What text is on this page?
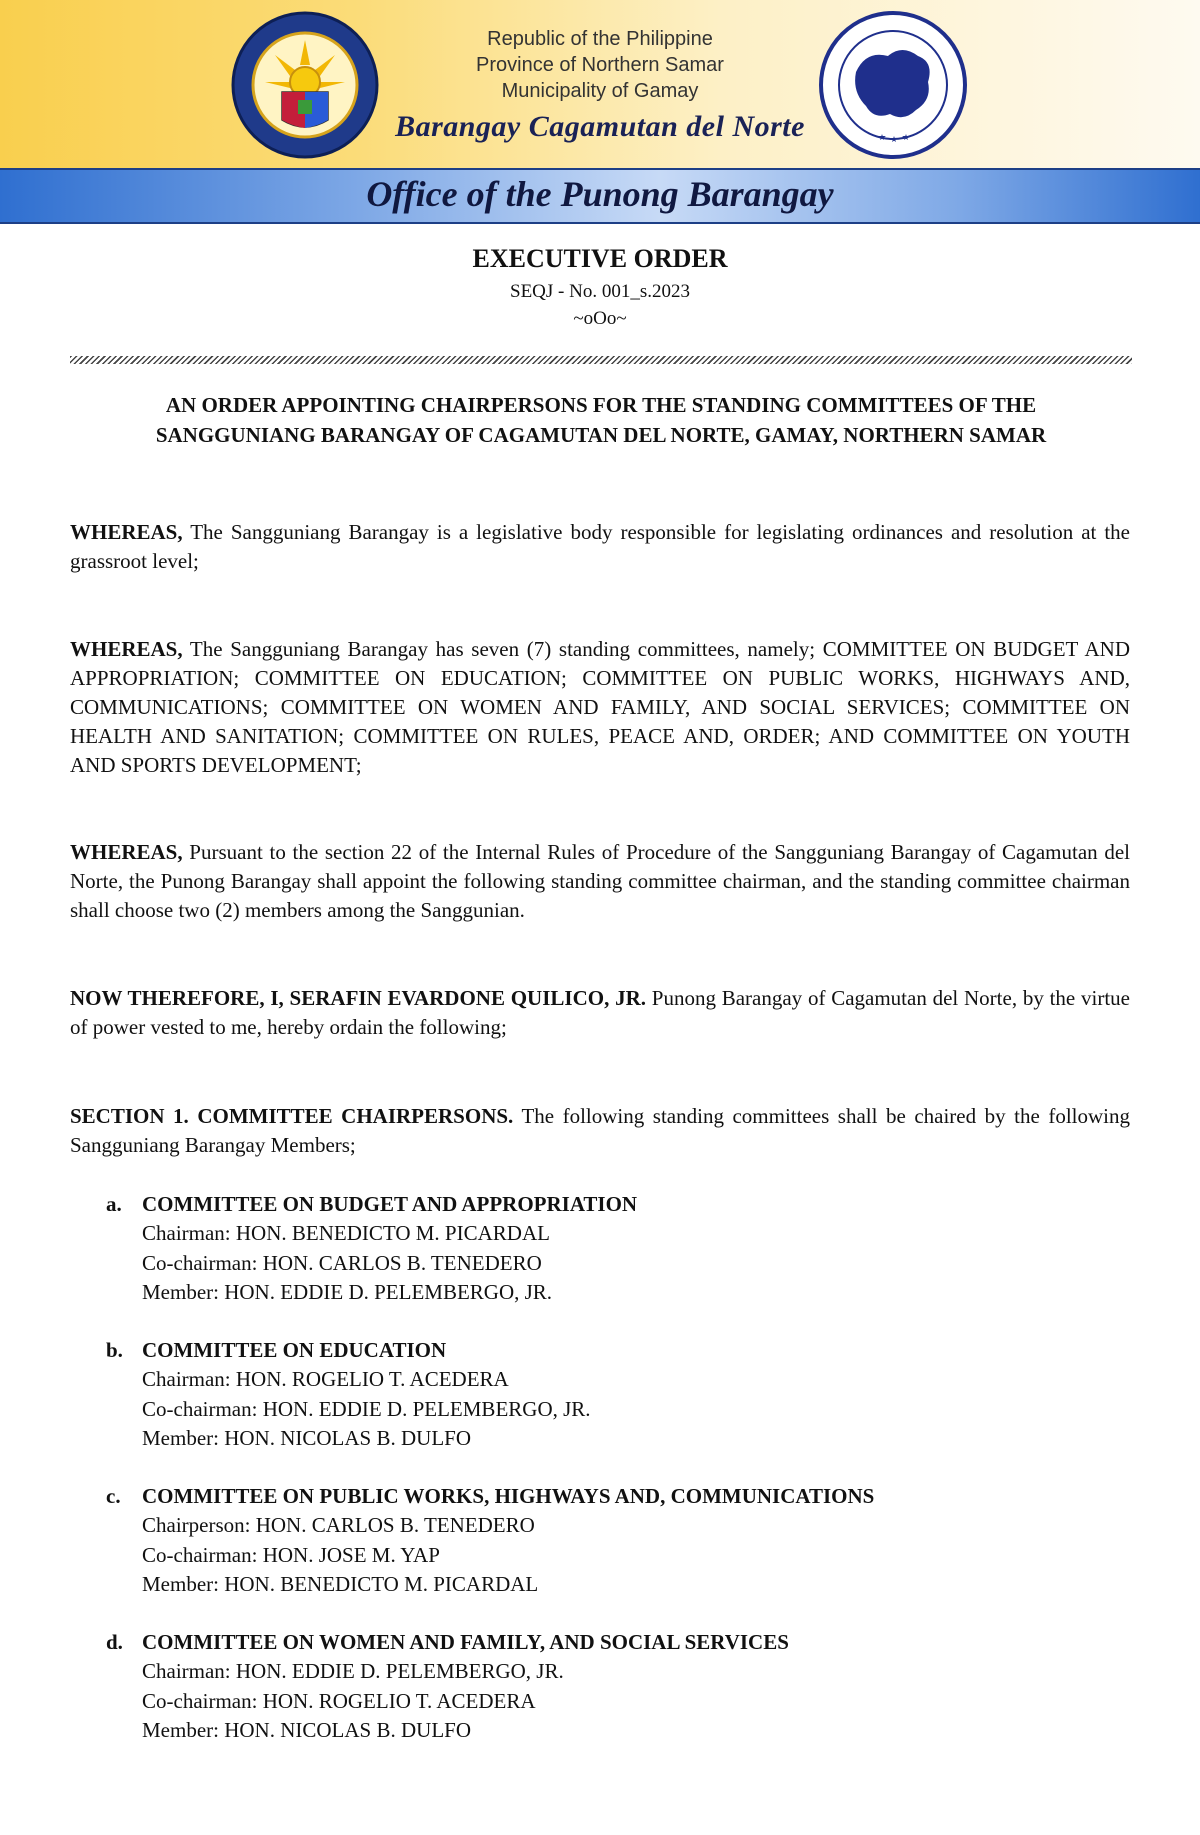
Republic of the Philippine
Province of Northern Samar
Municipality of Gamay
Barangay Cagamutan del Norte
Office of the Punong Barangay
EXECUTIVE ORDER
SEQJ - No. 001_s.2023
~oOo~
AN ORDER APPOINTING CHAIRPERSONS FOR THE STANDING COMMITTEES OF THE
SANGGUNIANG BARANGAY OF CAGAMUTAN DEL NORTE, GAMAY, NORTHERN SAMAR
WHEREAS, The Sangguniang Barangay is a legislative body responsible for legislating ordinances and resolution at the grassroot level;
WHEREAS, The Sangguniang Barangay has seven (7) standing committees, namely; COMMITTEE ON BUDGET AND APPROPRIATION; COMMITTEE ON EDUCATION; COMMITTEE ON PUBLIC WORKS, HIGHWAYS AND, COMMUNICATIONS; COMMITTEE ON WOMEN AND FAMILY, AND SOCIAL SERVICES; COMMITTEE ON HEALTH AND SANITATION; COMMITTEE ON RULES, PEACE AND, ORDER; AND COMMITTEE ON YOUTH AND SPORTS DEVELOPMENT;
WHEREAS, Pursuant to the section 22 of the Internal Rules of Procedure of the Sangguniang Barangay of Cagamutan del Norte, the Punong Barangay shall appoint the following standing committee chairman, and the standing committee chairman shall choose two (2) members among the Sanggunian.
NOW THEREFORE, I, SERAFIN EVARDONE QUILICO, JR. Punong Barangay of Cagamutan del Norte, by the virtue of power vested to me, hereby ordain the following;
SECTION 1. COMMITTEE CHAIRPERSONS. The following standing committees shall be chaired by the following Sangguniang Barangay Members;
a. COMMITTEE ON BUDGET AND APPROPRIATION
Chairman: HON. BENEDICTO M. PICARDAL
Co-chairman: HON. CARLOS B. TENEDERO
Member: HON. EDDIE D. PELEMBERGO, JR.
b. COMMITTEE ON EDUCATION
Chairman: HON. ROGELIO T. ACEDERA
Co-chairman: HON. EDDIE D. PELEMBERGO, JR.
Member: HON. NICOLAS B. DULFO
c.	COMMITTEE ON PUBLIC WORKS, HIGHWAYS AND, COMMUNICATIONS
Chairperson: HON. CARLOS B. TENEDERO
Co-chairman: HON. JOSE M. YAP
Member: HON. BENEDICTO M. PICARDAL
d. COMMITTEE ON WOMEN AND FAMILY, AND SOCIAL SERVICES
Chairman: HON. EDDIE D. PELEMBERGO, JR.
Co-chairman: HON. ROGELIO T. ACEDERA
Member: HON. NICOLAS B. DULFO
